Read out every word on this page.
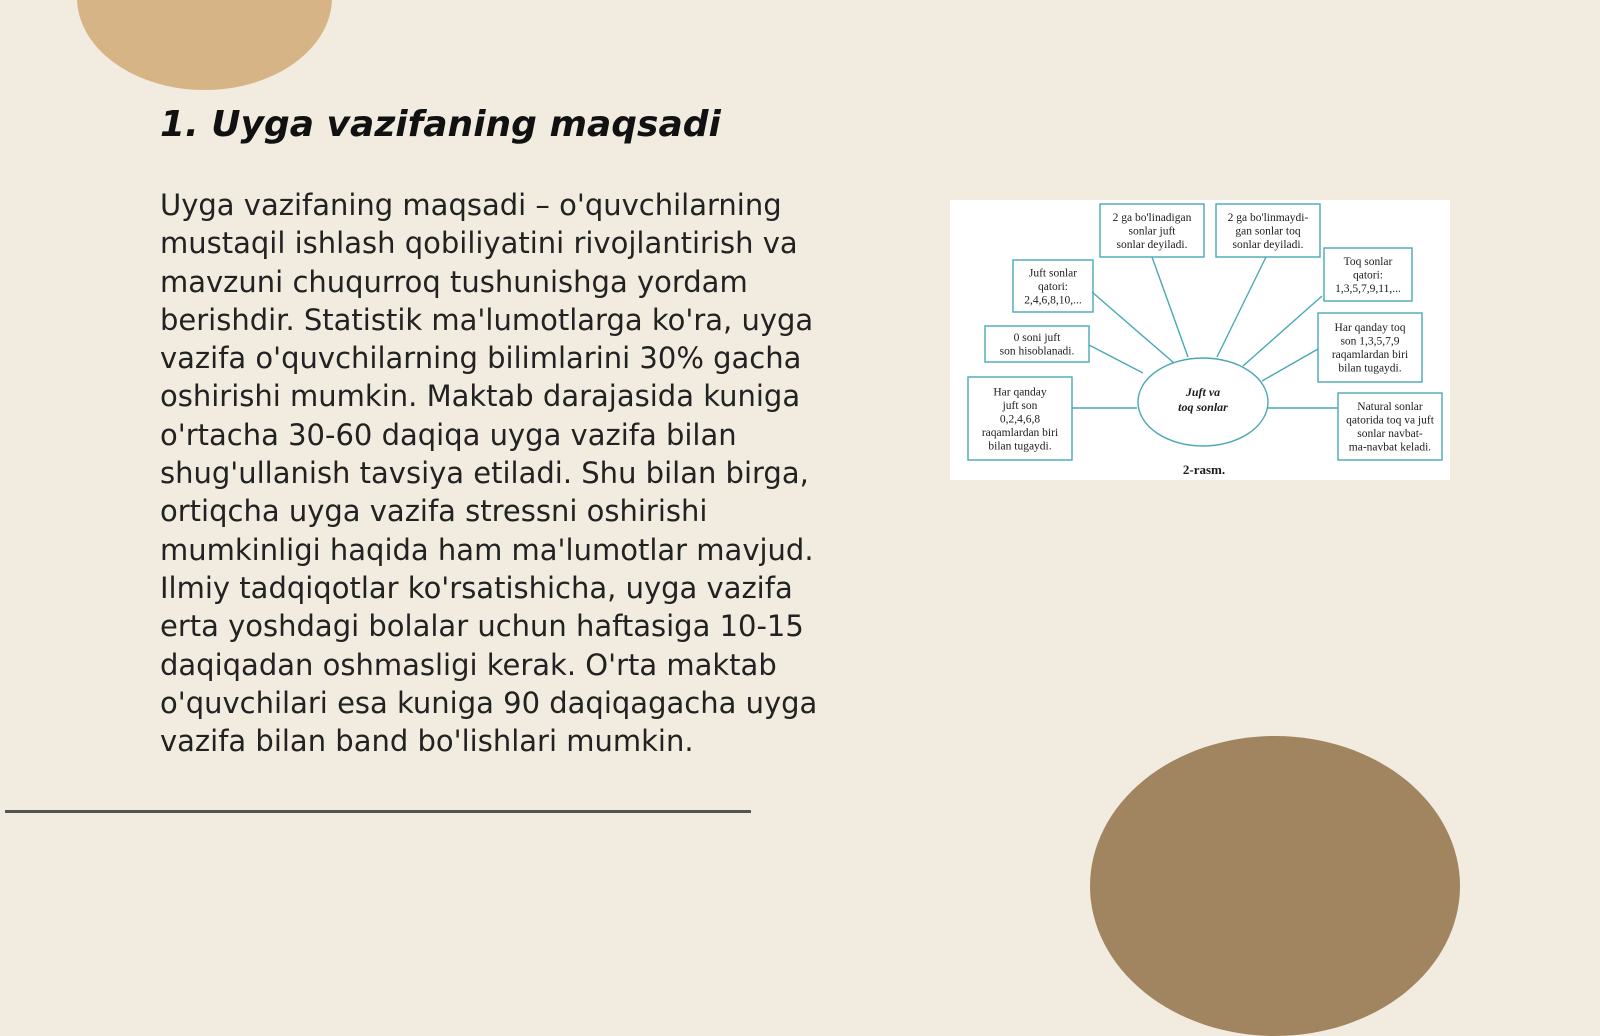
1. Uyga vazifaning maqsadi
Uyga vazifaning maqsadi – o'quvchilarning mustaqil ishlash qobiliyatini rivojlantirish va mavzuni chuqurroq tushunishga yordam berishdir. Statistik ma'lumotlarga ko'ra, uyga vazifa o'quvchilarning bilimlarini 30% gacha oshirishi mumkin. Maktab darajasida kuniga o'rtacha 30-60 daqiqa uyga vazifa bilan shug'ullanish tavsiya etiladi. Shu bilan birga, ortiqcha uyga vazifa stressni oshirishi mumkinligi haqida ham ma'lumotlar mavjud. Ilmiy tadqiqotlar ko'rsatishicha, uyga vazifa erta yoshdagi bolalar uchun haftasiga 10-15 daqiqadan oshmasligi kerak. O'rta maktab o'quvchilari esa kuniga 90 daqiqagacha uyga vazifa bilan band bo'lishlari mumkin.
2 ga bo'linadigan sonlar juft sonlar deyiladi.
2 ga bo'linmaydi-gan sonlar toq sonlar deyiladi.
Juft sonlar qatori: 2,4,6,8,10,...
Toq sonlar qatori: 1,3,5,7,9,11,...
0 soni juft son hisoblanadi.
Har qanday toq son 1,3,5,7,9 raqamlardan biri bilan tugaydi.
Har qanday juft son 0,2,4,6,8 raqamlardan biri bilan tugaydi.
Natural sonlar qatorida toq va juft sonlar navbat-ma-navbat keladi.
Juft va toq sonlar
2-rasm.
